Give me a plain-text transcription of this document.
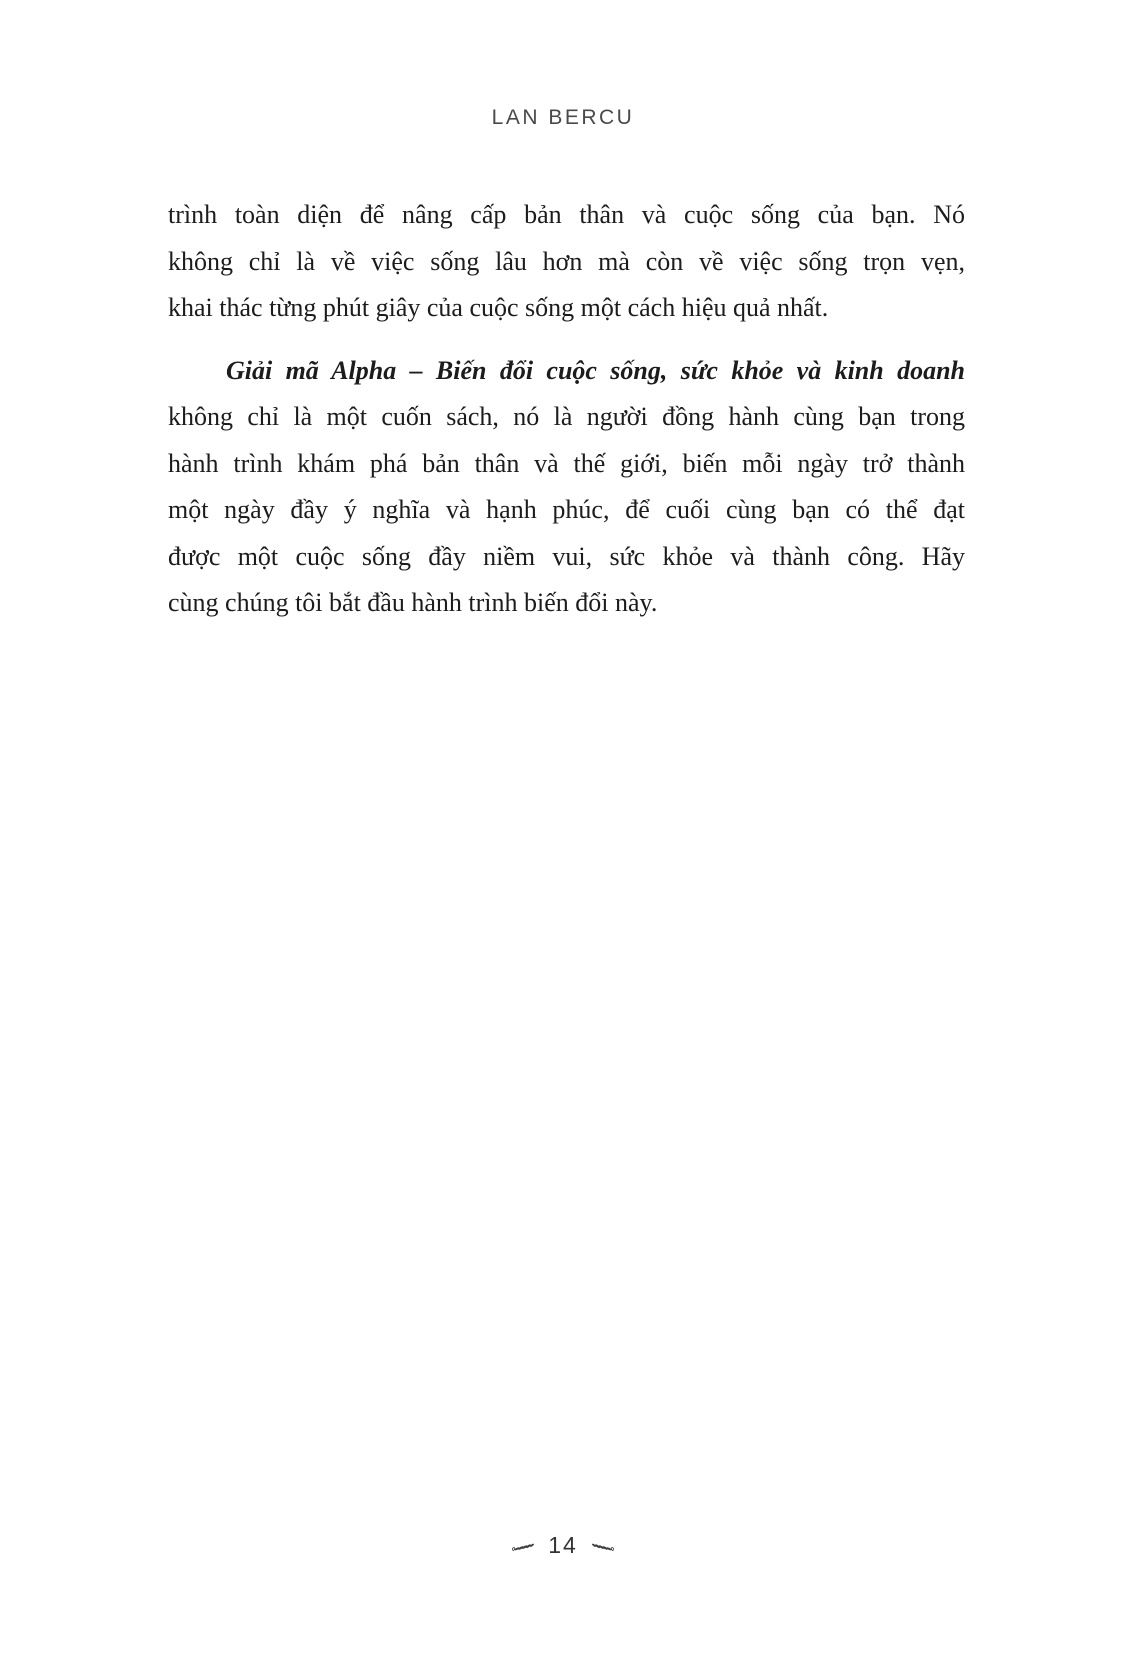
LAN BERCU
trình toàn diện để nâng cấp bản thân và cuộc sống của bạn. Nó
không chỉ là về việc sống lâu hơn mà còn về việc sống trọn vẹn,
khai thác từng phút giây của cuộc sống một cách hiệu quả nhất.
Giải mã Alpha – Biến đổi cuộc sống, sức khỏe và kinh doanh
không chỉ là một cuốn sách, nó là người đồng hành cùng bạn trong
hành trình khám phá bản thân và thế giới, biến mỗi ngày trở thành
một ngày đầy ý nghĩa và hạnh phúc, để cuối cùng bạn có thể đạt
được một cuộc sống đầy niềm vui, sức khỏe và thành công. Hãy
cùng chúng tôi bắt đầu hành trình biến đổi này.
14
